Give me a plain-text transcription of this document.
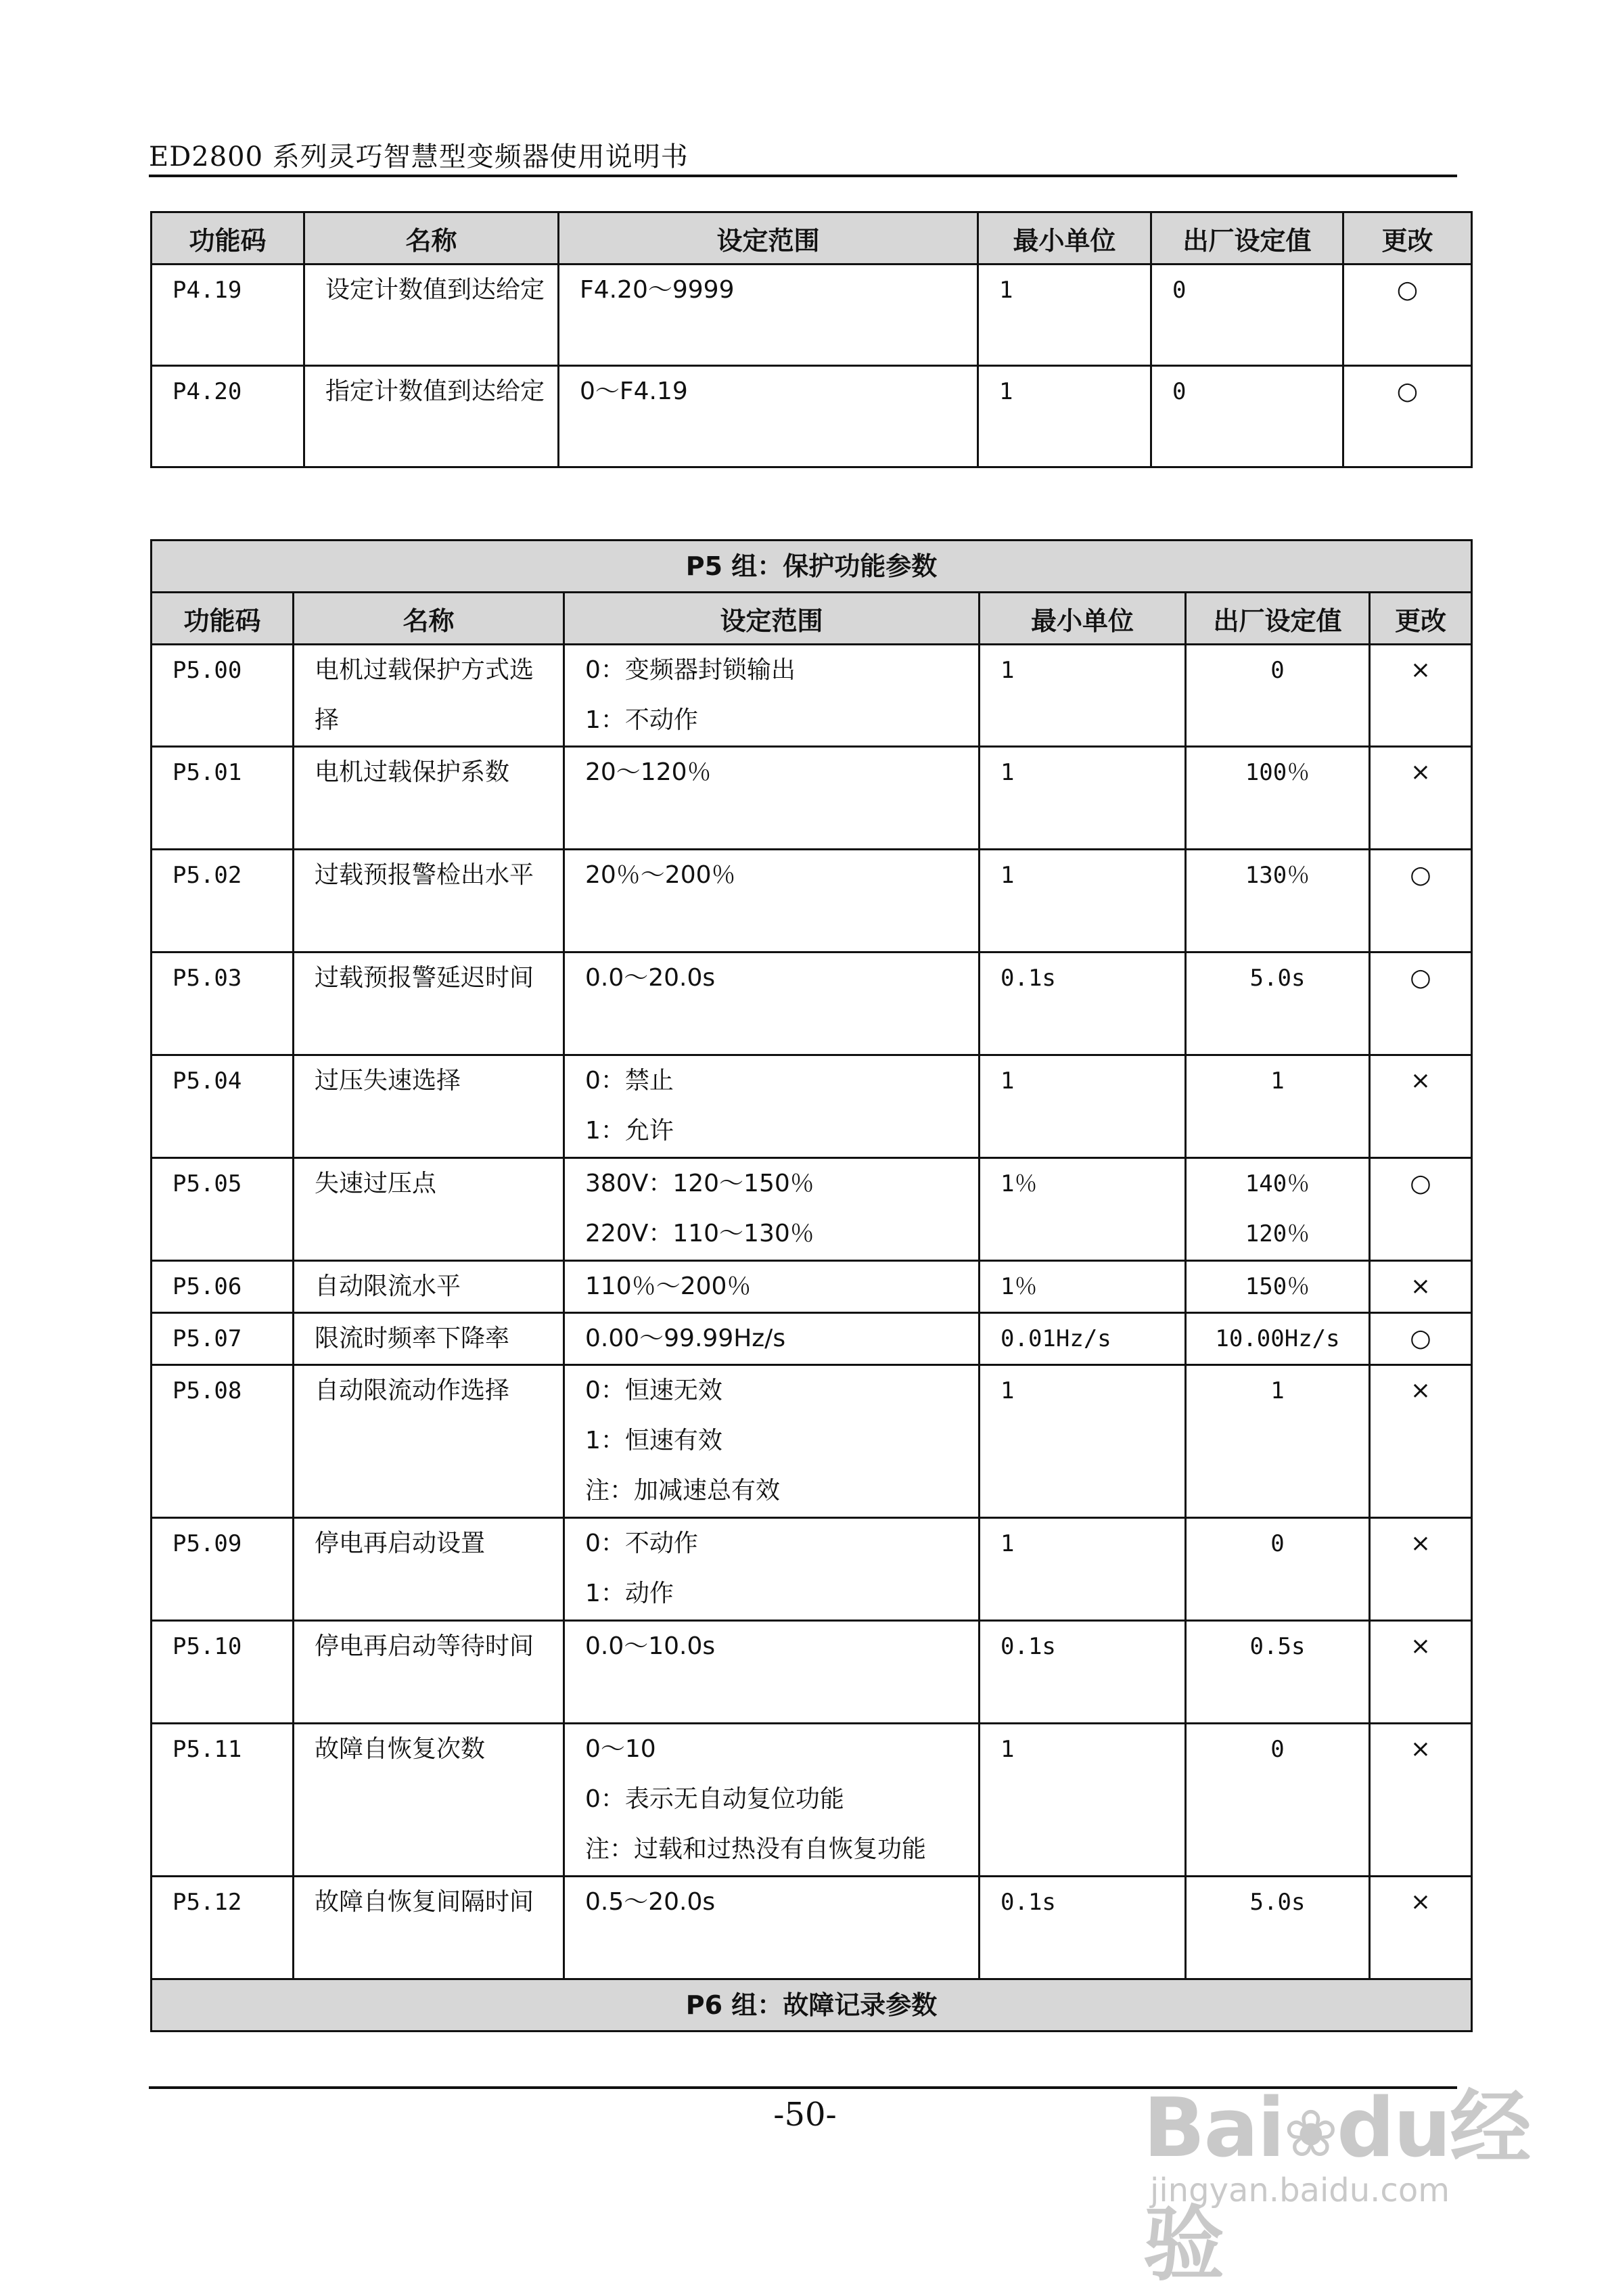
ED2800 系列灵巧智慧型变频器使用说明书
功能码	名称	设定范围	最小单位	出厂设定值	更改

P4.19	设定计数值到达给定	F4.20～9999	1	0	○

P4.20	指定计数值到达给定	0～F4.19	1	0	○
P5 组：保护功能参数					
功能码	名称	设定范围	最小单位	出厂设定值	更改

P5.00	电机过载保护方式选择	0：变频器封锁输出
1：不动作	1	0	×

P5.01	电机过载保护系数	20～120％	1	100％	×

P5.02	过载预报警检出水平	20％～200％	1	130％	○

P5.03	过载预报警延迟时间	0.0～20.0s	0.1s	5.0s	○

P5.04	过压失速选择	0：禁止
1：允许	1	1	×

P5.05	失速过压点	380V：120～150％
220V：110～130％	1％	140％
120％	○

P5.06	自动限流水平	110％～200％	1％	150％	×

P5.07	限流时频率下降率	0.00～99.99Hz/s	0.01Hz/s	10.00Hz/s	○

P5.08	自动限流动作选择	0：恒速无效
1：恒速有效
注：加减速总有效	1	1	×

P5.09	停电再启动设置	0：不动作
1：动作	1	0	×

P5.10	停电再启动等待时间	0.0～10.0s	0.1s	0.5s	×

P5.11	故障自恢复次数	0～10
0：表示无自动复位功能
注：过载和过热没有自恢复功能	1	0	×

P5.12	故障自恢复间隔时间	0.5～20.0s	0.1s	5.0s	×

P6 组：故障记录参数					
-50-	Bai❀du经验
jingyan.baidu.com
